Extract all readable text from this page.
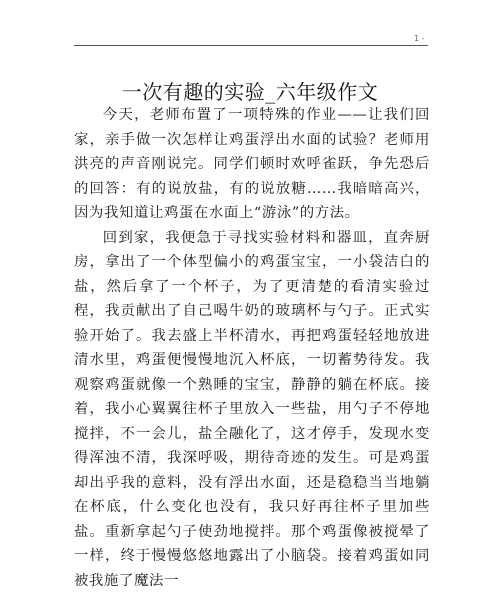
1 -
一次有趣的实验_六年级作文

今天，老师布置了一项特殊的作业——让我们回家，亲手做一次怎样让鸡蛋浮出水面的试验？老师用洪亮的声音刚说完。同学们顿时欢呼雀跃，争先恐后的回答：有的说放盐，有的说放糖……我暗暗高兴，因为我知道让鸡蛋在水面上“游泳”的方法。

回到家，我便急于寻找实验材料和器皿，直奔厨房，拿出了一个体型偏小的鸡蛋宝宝，一小袋洁白的盐，然后拿了一个杯子，为了更清楚的看清实验过程，我贡献出了自己喝牛奶的玻璃杯与勺子。正式实验开始了。我去盛上半杯清水，再把鸡蛋轻轻地放进清水里，鸡蛋便慢慢地沉入杯底，一切蓄势待发。我观察鸡蛋就像一个熟睡的宝宝，静静的躺在杯底。接着，我小心翼翼往杯子里放入一些盐，用勺子不停地搅拌，不一会儿，盐全融化了，这才停手，发现水变得浑浊不清，我深呼吸，期待奇迹的发生。可是鸡蛋却出乎我的意料，没有浮出水面，还是稳稳当当地躺在杯底，什么变化也没有，我只好再往杯子里加些盐。重新拿起勺子使劲地搅拌。那个鸡蛋像被搅晕了一样，终于慢慢悠悠地露出了小脑袋。接着鸡蛋如同被我施了魔法一
